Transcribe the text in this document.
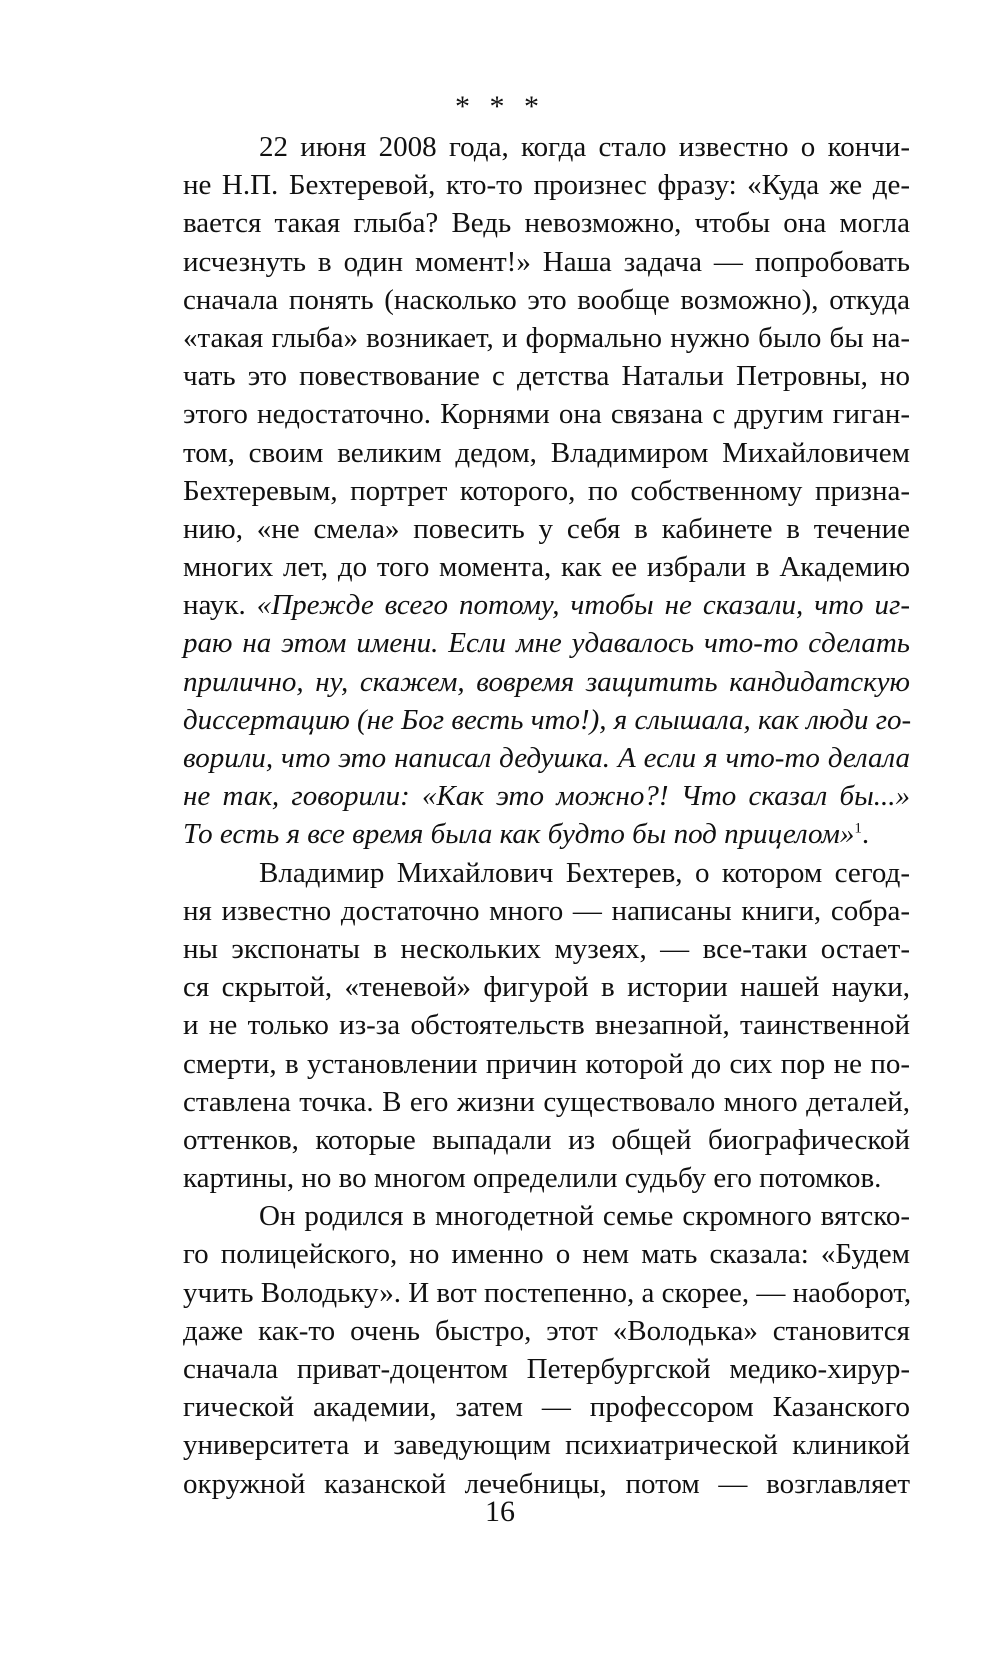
* * *
22 июня 2008 года, когда стало известно о кончи-
не Н.П. Бехтеревой, кто-то произнес фразу: «Куда же де-
вается такая глыба? Ведь невозможно, чтобы она могла
исчезнуть в один момент!» Наша задача — попробовать
сначала понять (насколько это вообще возможно), откуда
«такая глыба» возникает, и формально нужно было бы на-
чать это повествование с детства Натальи Петровны, но
этого недостаточно. Корнями она связана с другим гиган-
том, своим великим дедом, Владимиром Михайловичем
Бехтеревым, портрет которого, по собственному призна-
нию, «не смела» повесить у себя в кабинете в течение
многих лет, до того момента, как ее избрали в Академию
наук. «Прежде всего потому, чтобы не сказали, что иг-
раю на этом имени. Если мне удавалось что-то сделать
прилично, ну, скажем, вовремя защитить кандидатскую
диссертацию (не Бог весть что!), я слышала, как люди го-
ворили, что это написал дедушка. А если я что-то делала
не так, говорили: «Как это можно?! Что сказал бы...»
То есть я все время была как будто бы под прицелом»$^1$.
Владимир Михайлович Бехтерев, о котором сегод-
ня известно достаточно много — написаны книги, собра-
ны экспонаты в нескольких музеях, — все-таки остает-
ся скрытой, «теневой» фигурой в истории нашей науки,
и не только из-за обстоятельств внезапной, таинственной
смерти, в установлении причин которой до сих пор не по-
ставлена точка. В его жизни существовало много деталей,
оттенков, которые выпадали из общей биографической
картины, но во многом определили судьбу его потомков.
Он родился в многодетной семье скромного вятско-
го полицейского, но именно о нем мать сказала: «Будем
учить Володьку». И вот постепенно, а скорее, — наоборот,
даже как-то очень быстро, этот «Володька» становится
сначала приват-доцентом Петербургской медико-хирур-
гической академии, затем — профессором Казанского
университета и заведующим психиатрической клиникой
окружной казанской лечебницы, потом — возглавляет
16
